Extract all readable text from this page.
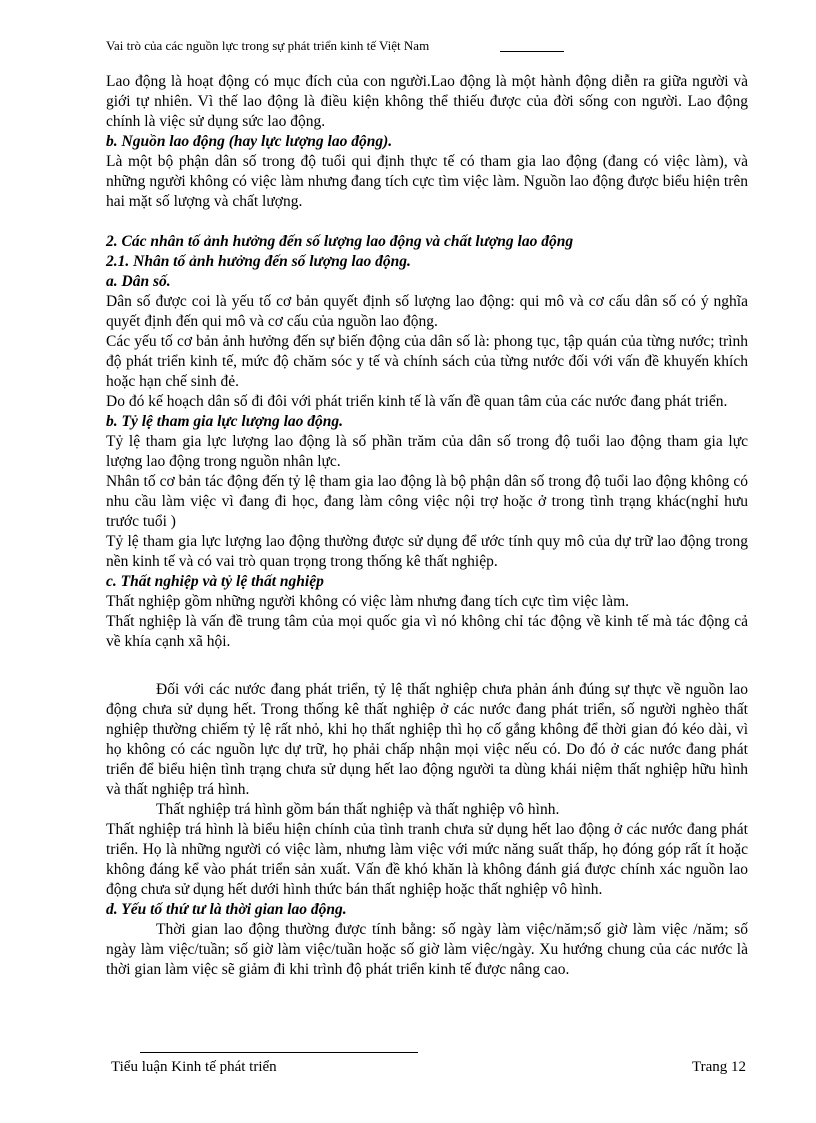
Vai trò của các nguồn lực trong sự phát triển kinh tế Việt Nam

Lao động là hoạt động có mục đích của con người.Lao động là một hành động diễn ra giữa người và giới tự nhiên. Vì thế lao động là điều kiện không thể thiếu được của đời sống con người. Lao động chính là việc sử dụng sức lao động.

b. Nguồn lao động (hay lực lượng lao động).

Là một bộ phận dân số trong độ tuổi qui định thực tế có tham gia lao động (đang có việc làm), và những người không có việc làm nhưng đang tích cực tìm việc làm. Nguồn lao động được biểu hiện trên hai mặt số lượng và chất lượng.

2. Các nhân tố ảnh hưởng đến số lượng lao động và chất lượng lao động

2.1. Nhân tố ảnh hưởng đến số lượng lao động.

a. Dân số.

Dân số được coi là yếu tố cơ bản quyết định số lượng lao động: qui mô và cơ cấu dân số có ý nghĩa quyết định đến qui mô và cơ cấu của nguồn lao động.

Các yếu tố cơ bản ảnh hưởng đến sự biến động của dân số là: phong tục, tập quán của từng nước; trình độ phát triển kinh tế, mức độ chăm sóc y tế và chính sách của từng nước đối với vấn đề khuyến khích hoặc hạn chế sinh đẻ.

Do đó kế hoạch dân số đi đôi với phát triển kinh tế là vấn đề quan tâm của các nước đang phát triển.

b. Tỷ lệ tham gia lực lượng lao động.

Tỷ lệ tham gia lực lượng lao động là số phần trăm của dân số trong độ tuổi lao động tham gia lực lượng lao động trong nguồn nhân lực.

Nhân tố cơ bản tác động đến tỷ lệ tham gia lao động là bộ phận dân số trong độ tuổi lao động không có nhu cầu làm việc vì đang đi học, đang làm công việc nội trợ hoặc ở trong tình trạng khác(nghỉ hưu trước tuổi )

Tỷ lệ tham gia lực lượng lao động thường được sử dụng để ước tính quy mô của dự trữ lao động trong nền kinh tế và có vai trò quan trọng trong thống kê thất nghiệp.

c. Thất nghiệp và tỷ lệ thất nghiệp

Thất nghiệp gồm những người không có việc làm nhưng đang tích cực tìm việc làm.

Thất nghiệp là vấn đề trung tâm của mọi quốc gia vì nó không chỉ tác động về kinh tế mà tác động cả về khía cạnh xã hội.

Đối với các nước đang phát triển, tỷ lệ thất nghiệp chưa phản ánh đúng sự thực về nguồn lao động chưa sử dụng hết. Trong thống kê thất nghiệp ở các nước đang phát triển, số người nghèo thất nghiệp thường chiếm tỷ lệ rất nhỏ, khi họ thất nghiệp thì họ cố gắng không để thời gian đó kéo dài, vì họ không có các nguồn lực dự trữ, họ phải chấp nhận mọi việc nếu có. Do đó ở các nước đang phát triển để biểu hiện tình trạng chưa sử dụng hết lao động người ta dùng khái niệm thất nghiệp hữu hình và thất nghiệp trá hình.

Thất nghiệp trá hình gồm bán thất nghiệp và thất nghiệp vô hình.

Thất nghiệp trá hình là biểu hiện chính của tình tranh chưa sử dụng hết lao động ở các nước đang phát triển. Họ là những người có việc làm, nhưng làm việc với mức năng suất thấp, họ đóng góp rất ít hoặc không đáng kể vào phát triển sản xuất. Vấn đề khó khăn là không đánh giá được chính xác nguồn lao động chưa sử dụng hết dưới hình thức bán thất nghiệp hoặc thất nghiệp vô hình.

d. Yếu tố thứ tư là thời gian lao động.

Thời gian lao động thường được tính bằng: số ngày làm việc/năm;số giờ làm việc /năm; số ngày làm việc/tuần; số giờ làm việc/tuần hoặc số giờ làm việc/ngày. Xu hướng chung của các nước là thời gian làm việc sẽ giảm đi khi trình độ phát triển kinh tế được nâng cao.

Tiểu luận Kinh tế phát triển	Trang 12
